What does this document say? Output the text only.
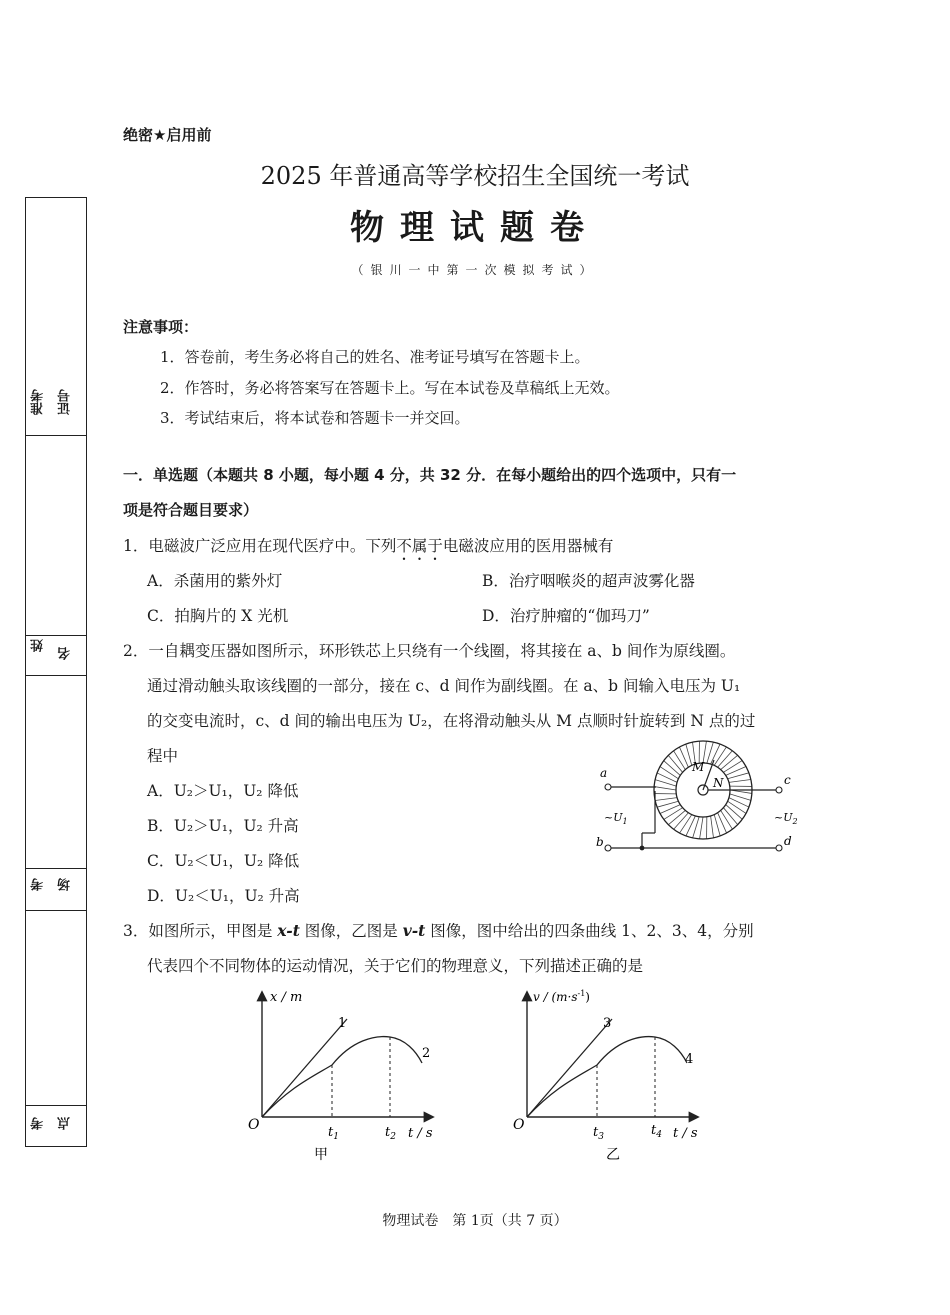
准考 证号
姓
名
考 场
考 点
绝密★启用前
2025 年普通高等学校招生全国统一考试
物理试题卷
（银川一中第一次模拟考试）
注意事项：
1．答卷前，考生务必将自己的姓名、准考证号填写在答题卡上。
2．作答时，务必将答案写在答题卡上。写在本试卷及草稿纸上无效。
3．考试结束后，将本试卷和答题卡一并交回。
一．单选题（本题共 8 小题，每小题 4 分，共 32 分．在每小题给出的四个选项中，只有一
项是符合题目要求）
1．电磁波广泛应用在现代医疗中。下列不属于电磁波应用的医用器械有
A．杀菌用的紫外灯	B．治疗咽喉炎的超声波雾化器
C．拍胸片的 X 光机	D．治疗肿瘤的“伽玛刀”
2．一自耦变压器如图所示，环形铁芯上只绕有一个线圈，将其接在 a、b 间作为原线圈。
通过滑动触头取该线圈的一部分，接在 c、d 间作为副线圈。在 a、b 间输入电压为 U₁
的交变电流时，c、d 间的输出电压为 U₂，在将滑动触头从 M 点顺时针旋转到 N 点的过
程中
A．U₂＞U₁，U₂ 降低
B．U₂＞U₁，U₂ 升高
C．U₂＜U₁，U₂ 降低
D．U₂＜U₁，U₂ 升高
a
b
c
d
M
N
$\sim U_1$	$\sim U_2$
3．如图所示，甲图是 x-t 图像，乙图是 v-t 图像，图中给出的四条曲线 1、2、3、4，分别
代表四个不同物体的运动情况，关于它们的物理意义，下列描述正确的是
x / m
t / s
O	$t_1$	$t_2$
1
2
甲
$v / (m\cdot s^{-1})$
t / s
O	$t_3$	$t_4$
3
4
乙
物理试卷　第 1页（共 7 页）
